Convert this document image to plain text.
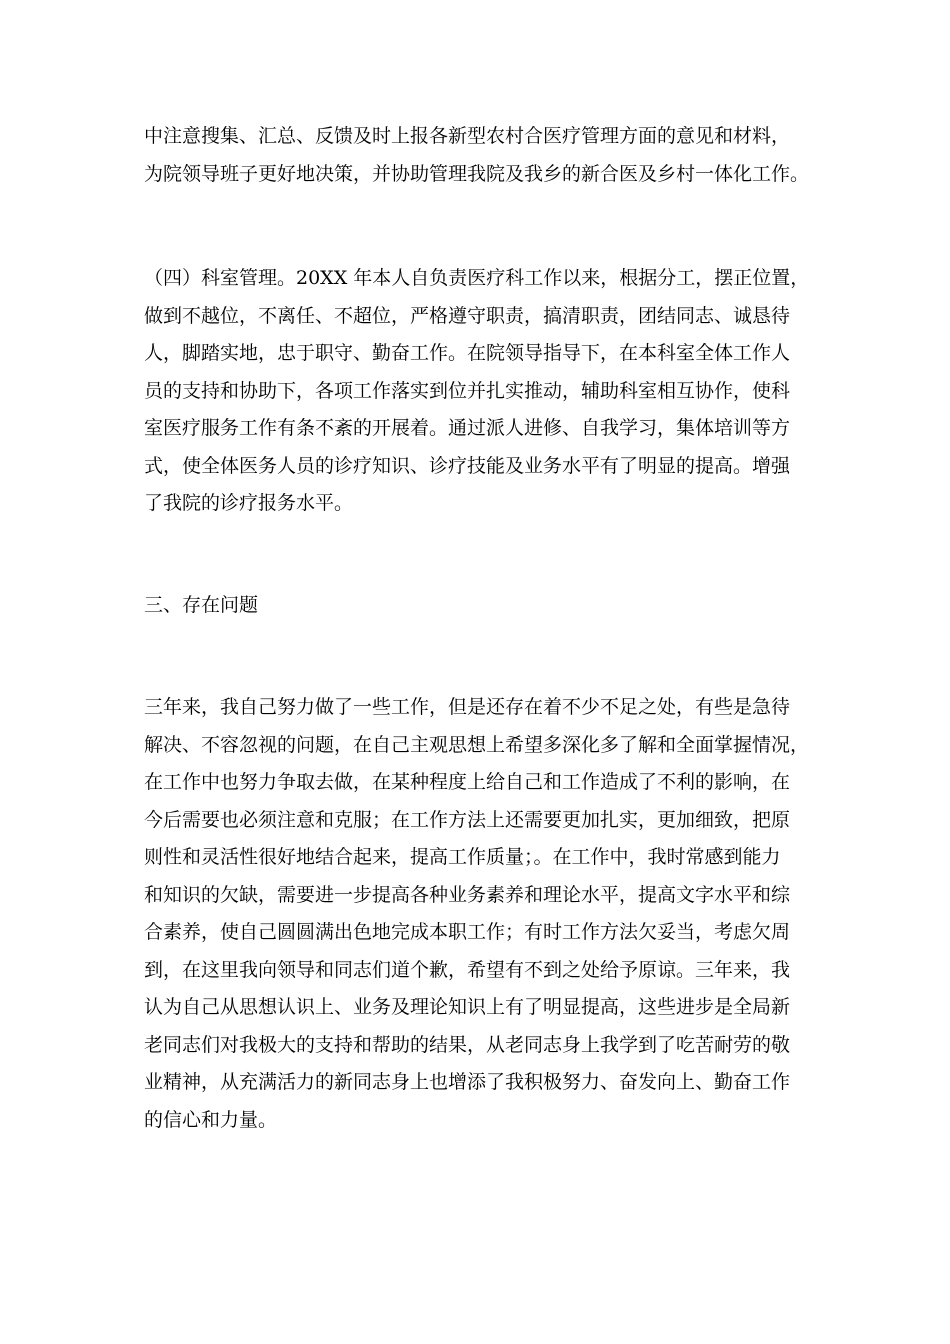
中注意搜集、汇总、反馈及时上报各新型农村合医疗管理方面的意见和材料，
为院领导班子更好地决策，并协助管理我院及我乡的新合医及乡村一体化工作。

（四）科室管理。20XX 年本人自负责医疗科工作以来，根据分工，摆正位置，
做到不越位，不离任、不超位，严格遵守职责，搞清职责，团结同志、诚恳待
人，脚踏实地，忠于职守、勤奋工作。在院领导指导下，在本科室全体工作人
员的支持和协助下，各项工作落实到位并扎实推动，辅助科室相互协作，使科
室医疗服务工作有条不紊的开展着。通过派人进修、自我学习，集体培训等方
式，使全体医务人员的诊疗知识、诊疗技能及业务水平有了明显的提高。增强
了我院的诊疗报务水平。

三、存在问题

三年来，我自己努力做了一些工作，但是还存在着不少不足之处，有些是急待
解决、不容忽视的问题，在自己主观思想上希望多深化多了解和全面掌握情况，
在工作中也努力争取去做，在某种程度上给自己和工作造成了不利的影响，在
今后需要也必须注意和克服；在工作方法上还需要更加扎实，更加细致，把原
则性和灵活性很好地结合起来，提高工作质量；。在工作中，我时常感到能力
和知识的欠缺，需要进一步提高各种业务素养和理论水平，提高文字水平和综
合素养，使自己圆圆满出色地完成本职工作；有时工作方法欠妥当，考虑欠周
到，在这里我向领导和同志们道个歉，希望有不到之处给予原谅。三年来，我
认为自己从思想认识上、业务及理论知识上有了明显提高，这些进步是全局新
老同志们对我极大的支持和帮助的结果，从老同志身上我学到了吃苦耐劳的敬
业精神，从充满活力的新同志身上也增添了我积极努力、奋发向上、勤奋工作
的信心和力量。
